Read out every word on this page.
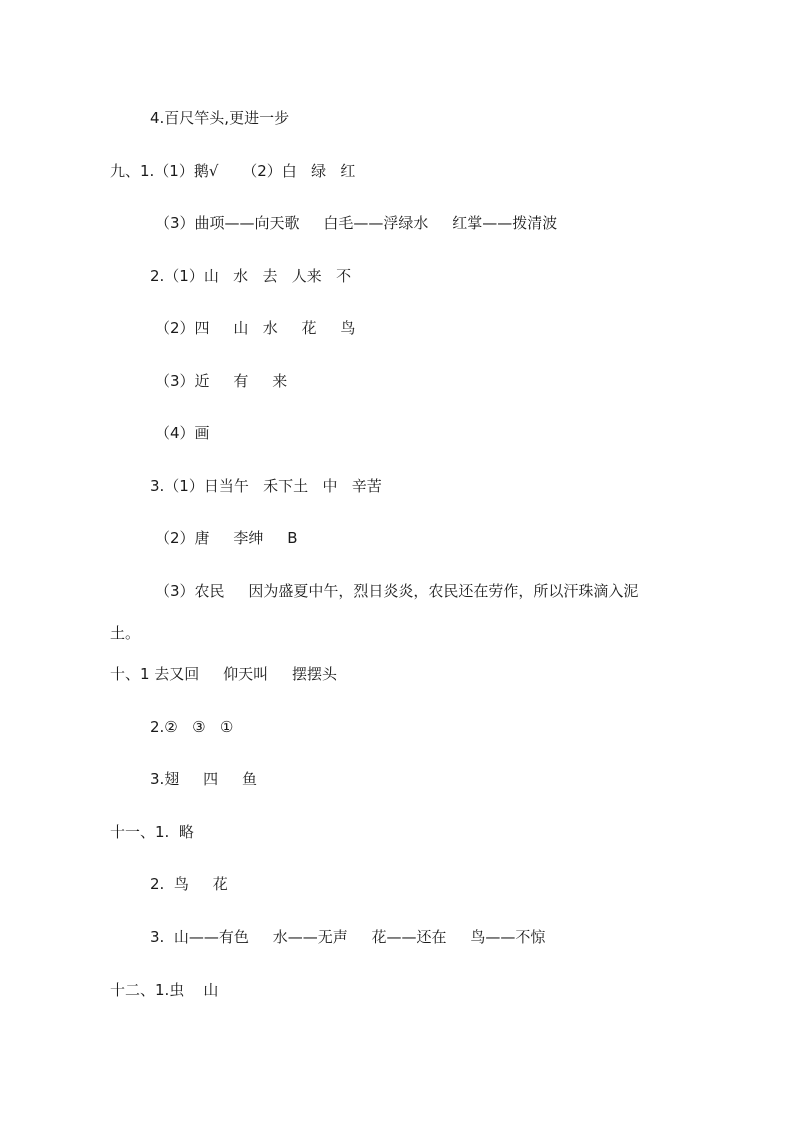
4.百尺竿头,更进一步

九、1.（1）鹅√     （2）白   绿   红

（3）曲项——向天歌     白毛——浮绿水     红掌——拨清波

2.（1）山   水   去   人来   不

（2）四     山   水     花     鸟

（3）近     有     来

（4）画

3.（1）日当午   禾下土   中   辛苦

（2）唐     李绅     B

（3）农民     因为盛夏中午，烈日炎炎，农民还在劳作，所以汗珠滴入泥

土。

十、1 去又回     仰天叫     摆摆头

2.②   ③   ①

3.翅     四     鱼

十一、1.  略

2.  鸟     花

3.  山——有色     水——无声     花——还在     鸟——不惊

十二、1.虫    山
